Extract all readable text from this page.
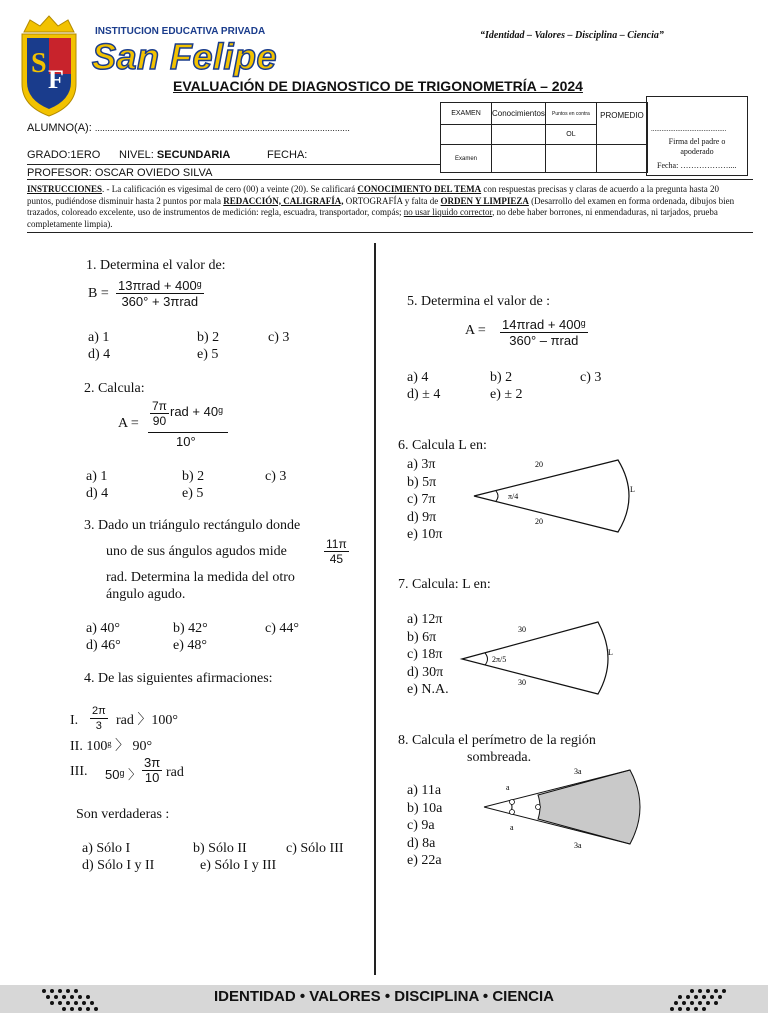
S
F
INSTITUCION EDUCATIVA PRIVADA
San Felipe
“Identidad – Valores – Disciplina – Ciencia”
EVALUACIÓN DE DIAGNOSTICO DE TRIGONOMETRÍA – 2024
ALUMNO(A): ......................................................................................................
GRADO:1ERO NIVEL: SECUNDARIA	FECHA:
PROFESOR: OSCAR OVIEDO SILVA
EXAMEN	Conocimientos	Puntos en contra	PROMEDIO
		OL	
Examen			
...........................................
Firma del padre o apoderado
Fecha: ………………....
INSTRUCCIONES. - La calificación es vigesimal de cero (00) a veinte (20). Se calificará CONOCIMIENTO DEL TEMA con respuestas precisas y claras de acuerdo a la pregunta hasta 20 puntos, pudiéndose disminuir hasta 2 puntos por mala REDACCIÓN, CALIGRAFÍA, ORTOGRAFÍA y falta de ORDEN Y LIMPIEZA (Desarrollo del examen en forma ordenada, dibujos bien trazados, coloreado excelente, uso de instrumentos de medición: regla, escuadra, transportador, compás; no usar liquido corrector, no debe haber borrones, ni enmendaduras, ni tarjados, prueba completamente limpia).
1. Determina el valor de:
B =
13πrad + 400ᵍ
360° + 3πrad
a) 1	b) 2	c) 3
d) 4	e) 5
2. Calcula:
$A = \frac{7\pi}{90}$ rad + 40ᵍ
10°
a) 1	b) 2	c) 3
d) 4	e) 5
3. Dado un triángulo rectángulo donde
uno de sus ángulos agudos mide	$\frac{11\pi}{45}$
rad. Determina la medida del otro
ángulo agudo.
a) 40°	b) 42°	c) 44°
d) 46°	e) 48°
4. De las siguientes afirmaciones:
I. $\frac{2\pi}{3}$ rad 〉100°
II. 100ᵍ 〉 90°
III. 50ᵍ 〉 $\frac{3\pi}{10}$ rad
Son verdaderas :
a) Sólo I	b) Sólo II	c) Sólo III
d) Sólo I y II	e) Sólo I y III
5. Determina el valor de :
A = 14πrad + 400ᵍ
360° – πrad
a) 4	b) 2	c) 3
d) ± 4	e) ± 2
6. Calcula L en:
a) 3π
b) 5π
c) 7π
d) 9π
e) 10π
20
20
π/4
L
7. Calcula: L en:
a) 12π
b) 6π
c) 18π
d) 30π
e) N.A.
30
30
2π/5
L
8. Calcula el perímetro de la región
sombreada.
a) 11a
b) 10a
c) 9a
d) 8a
e) 22a
a
a
3a
3a
IDENTIDAD • VALORES • DISCIPLINA • CIENCIA
